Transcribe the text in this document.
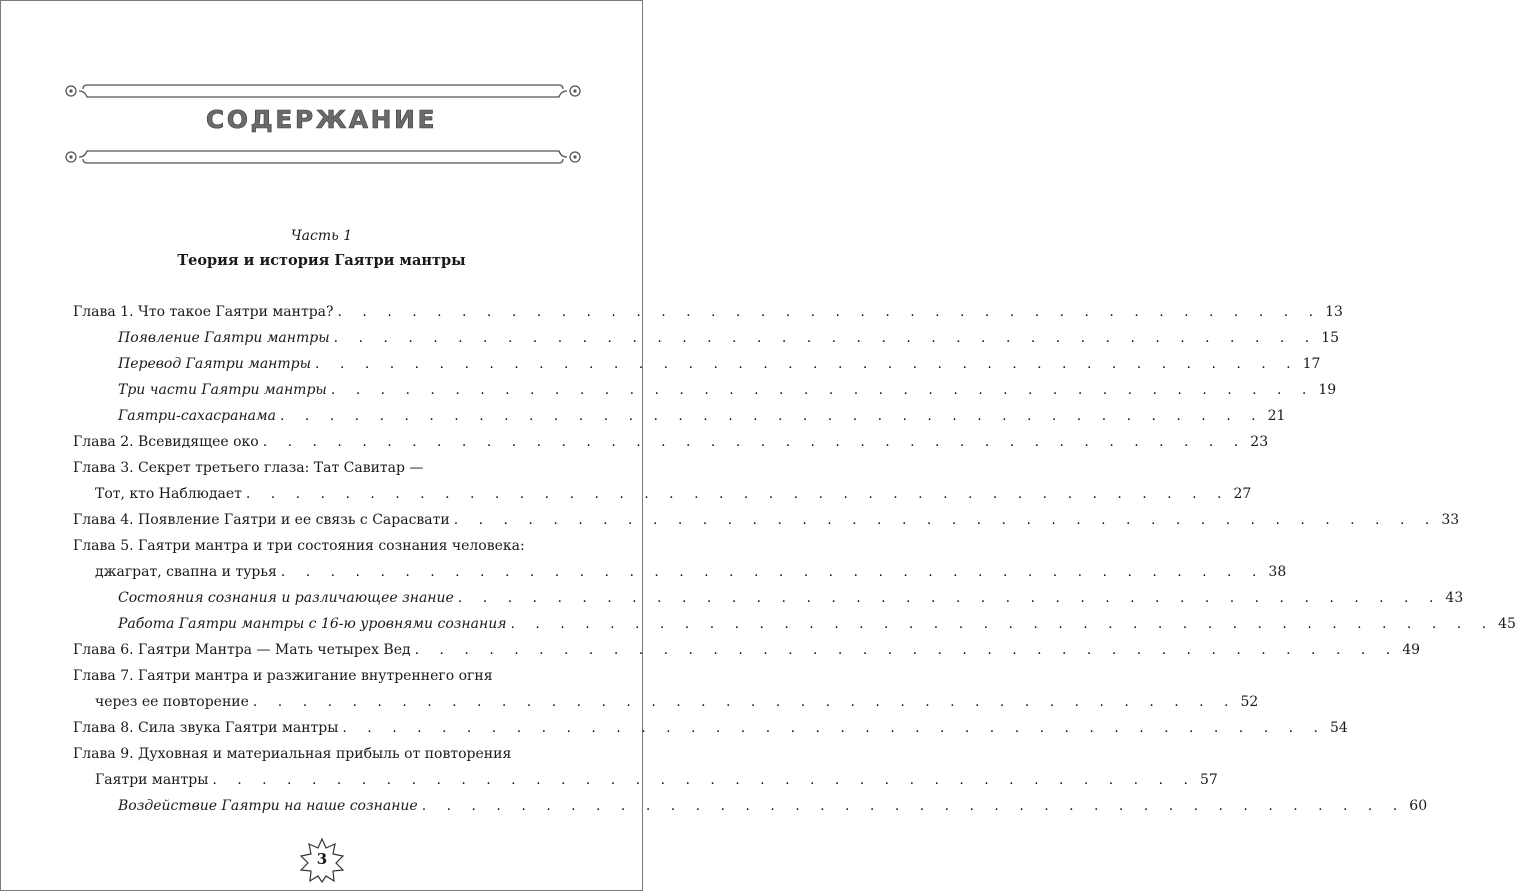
СОДЕРЖАНИЕ
Часть 1
Теория и история Гаятри мантры
Глава 1. Что такое Гаятри мантра? . . . . . . . . . . . . . . . . . . . . . . . . . . . . . . . . . . . . . . . . 13
Появление Гаятри мантры . . . . . . . . . . . . . . . . . . . . . . . . . . . . . . . . . . . . . . . . 15
Перевод Гаятри мантры . . . . . . . . . . . . . . . . . . . . . . . . . . . . . . . . . . . . . . . . 17
Три части Гаятри мантры . . . . . . . . . . . . . . . . . . . . . . . . . . . . . . . . . . . . . . . . 19
Гаятри-сахасранама . . . . . . . . . . . . . . . . . . . . . . . . . . . . . . . . . . . . . . . . 21
Глава 2. Всевидящее око . . . . . . . . . . . . . . . . . . . . . . . . . . . . . . . . . . . . . . . . 23
Глава 3. Секрет третьего глаза: Тат Савитар —
Тот, кто Наблюдает . . . . . . . . . . . . . . . . . . . . . . . . . . . . . . . . . . . . . . . . 27
Глава 4. Появление Гаятри и ее связь с Сарасвати . . . . . . . . . . . . . . . . . . . . . . . . . . . . . . . . . . . . . . . . 33
Глава 5. Гаятри мантра и три состояния сознания человека:
джаграт, свапна и турья . . . . . . . . . . . . . . . . . . . . . . . . . . . . . . . . . . . . . . . . 38
Состояния сознания и различающее знание . . . . . . . . . . . . . . . . . . . . . . . . . . . . . . . . . . . . . . . . 43
Работа Гаятри мантры с 16-ю уровнями сознания . . . . . . . . . . . . . . . . . . . . . . . . . . . . . . . . . . . . . . . . 45
Глава 6. Гаятри Мантра — Мать четырех Вед . . . . . . . . . . . . . . . . . . . . . . . . . . . . . . . . . . . . . . . . 49
Глава 7. Гаятри мантра и разжигание внутреннего огня
через ее повторение . . . . . . . . . . . . . . . . . . . . . . . . . . . . . . . . . . . . . . . . 52
Глава 8. Сила звука Гаятри мантры . . . . . . . . . . . . . . . . . . . . . . . . . . . . . . . . . . . . . . . . 54
Глава 9. Духовная и материальная прибыль от повторения
Гаятри мантры . . . . . . . . . . . . . . . . . . . . . . . . . . . . . . . . . . . . . . . . 57
Воздействие Гаятри на наше сознание . . . . . . . . . . . . . . . . . . . . . . . . . . . . . . . . . . . . . . . . 60
3
